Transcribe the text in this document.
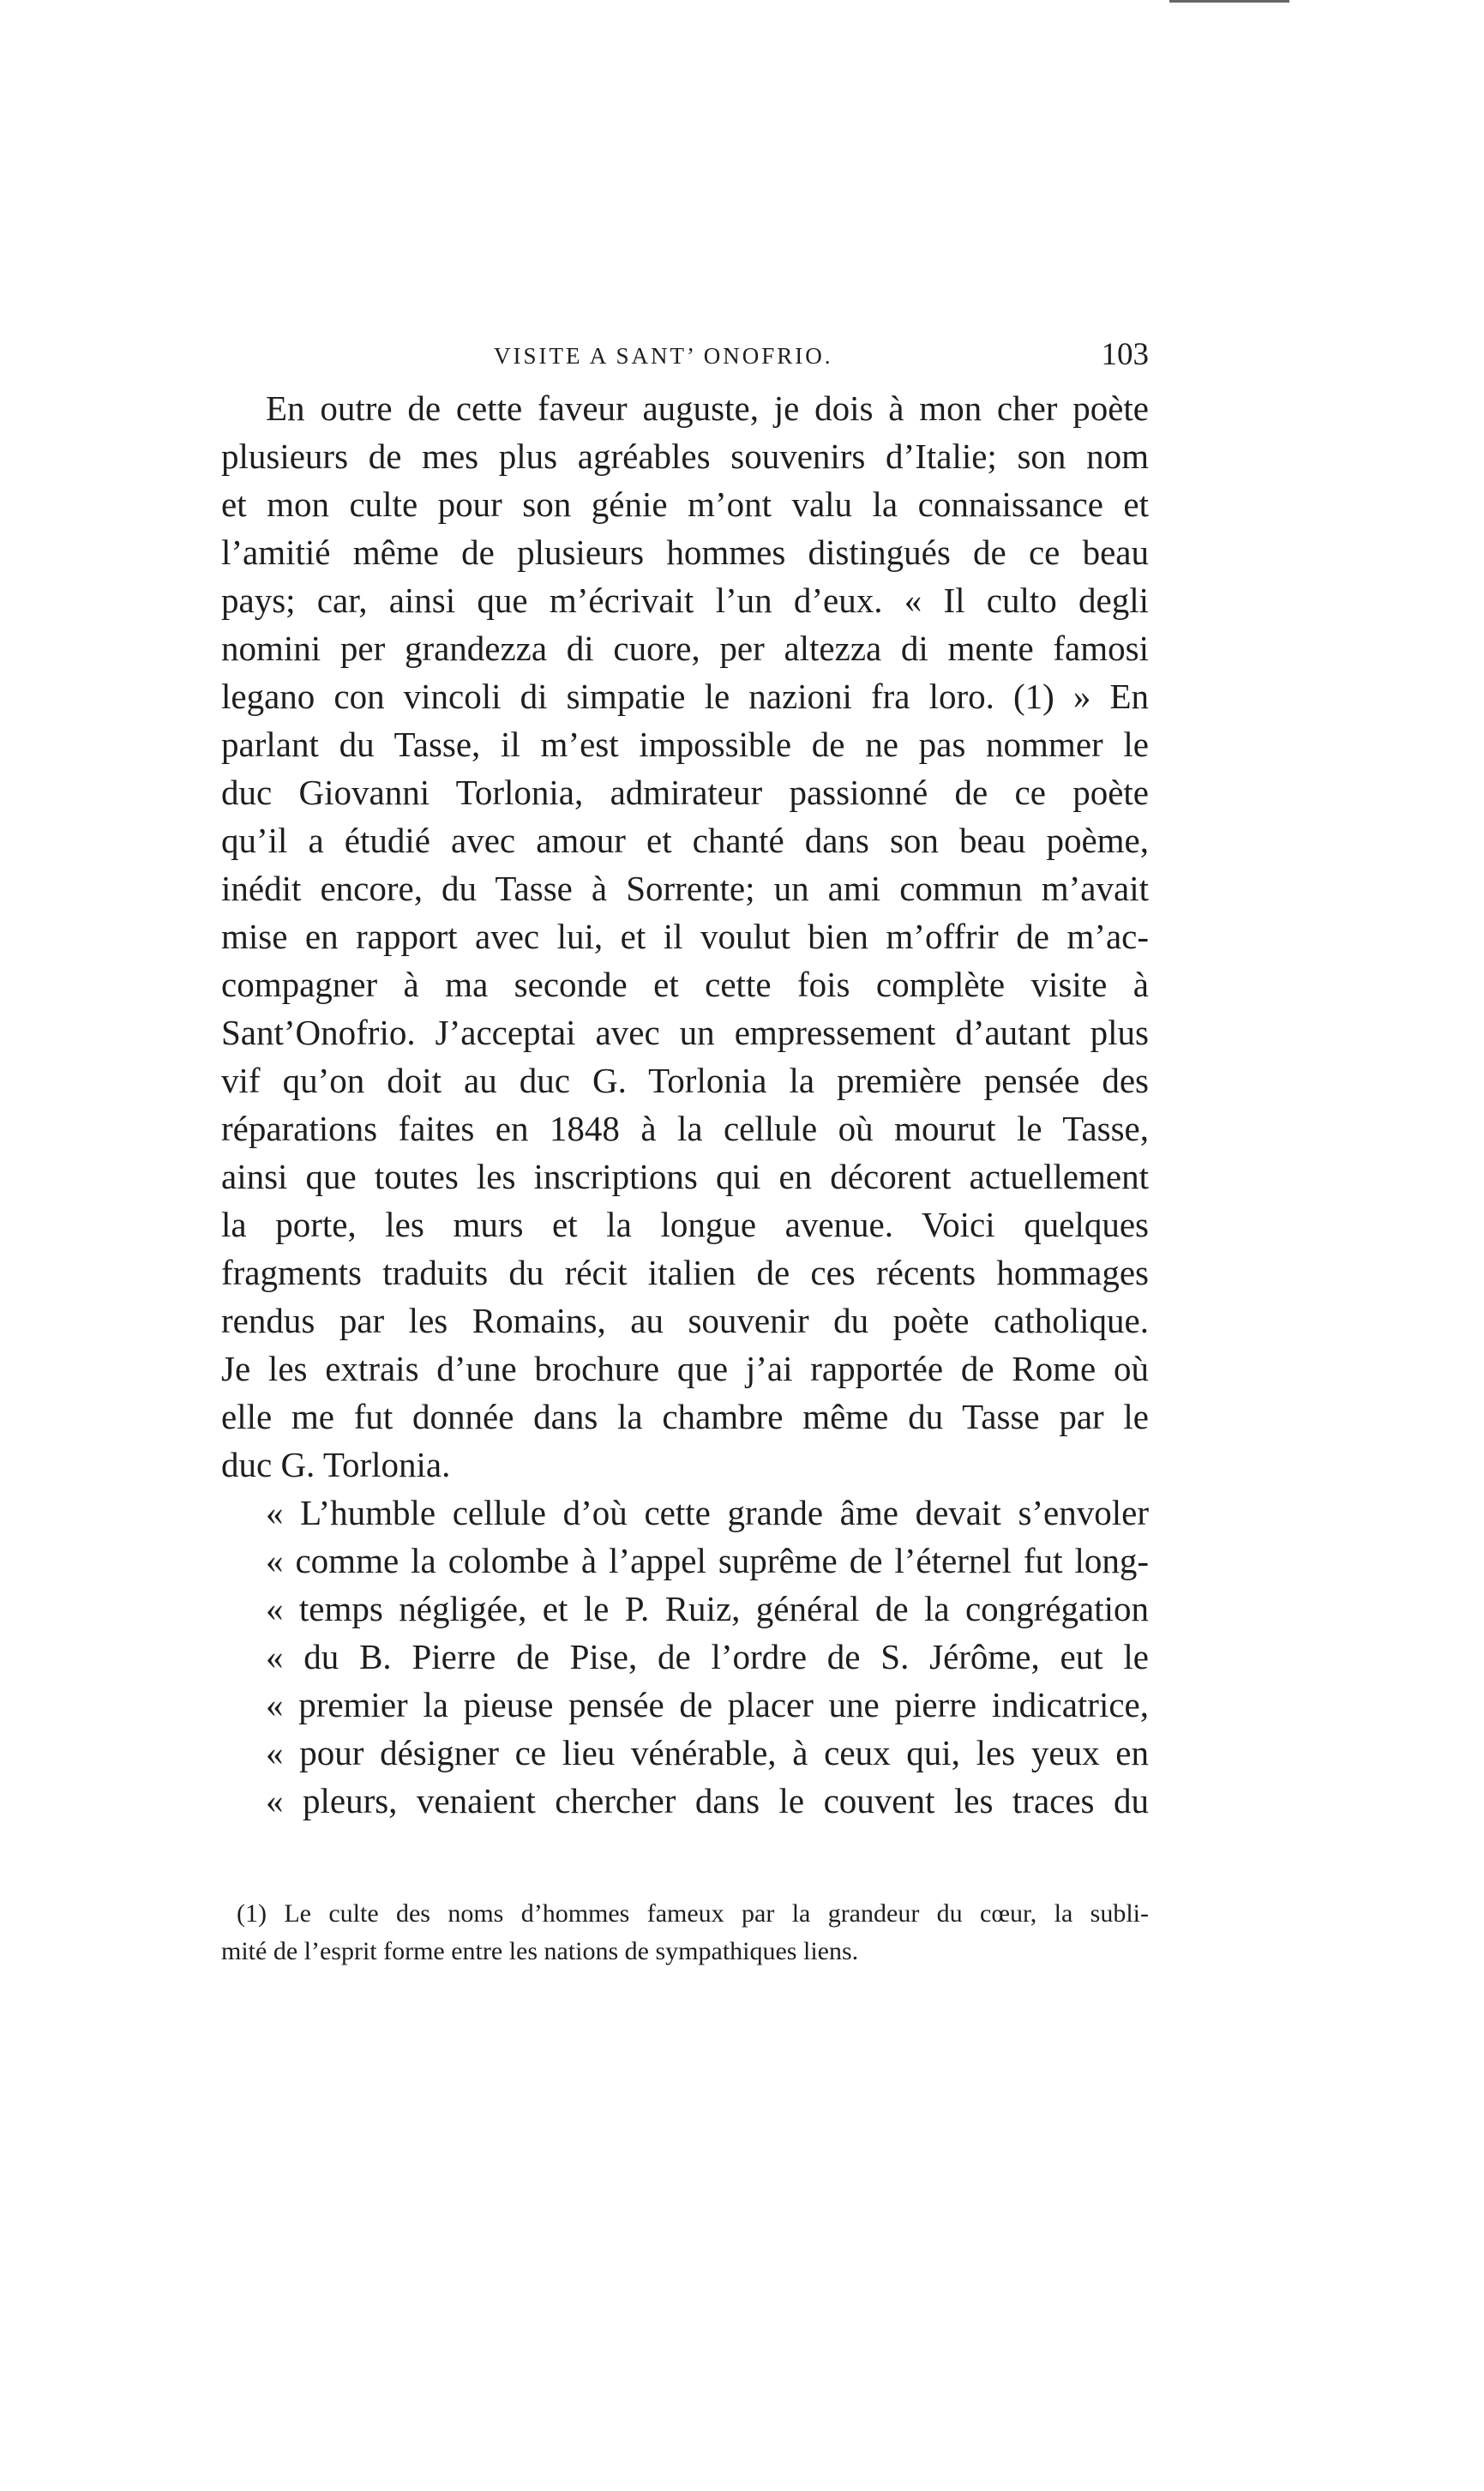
VISITE A SANT’ ONOFRIO.	103
En outre de cette faveur auguste, je dois à mon cher poète
plusieurs de mes plus agréables souvenirs d’Italie; son nom
et mon culte pour son génie m’ont valu la connaissance et
l’amitié même de plusieurs hommes distingués de ce beau
pays; car, ainsi que m’écrivait l’un d’eux. « Il culto degli
nomini per grandezza di cuore, per altezza di mente famosi
legano con vincoli di simpatie le nazioni fra loro. (1) » En
parlant du Tasse, il m’est impossible de ne pas nommer le
duc Giovanni Torlonia, admirateur passionné de ce poète
qu’il a étudié avec amour et chanté dans son beau poème,
inédit encore, du Tasse à Sorrente; un ami commun m’avait
mise en rapport avec lui, et il voulut bien m’offrir de m’ac-
compagner à ma seconde et cette fois complète visite à
Sant’Onofrio. J’acceptai avec un empressement d’autant plus
vif qu’on doit au duc G. Torlonia la première pensée des
réparations faites en 1848 à la cellule où mourut le Tasse,
ainsi que toutes les inscriptions qui en décorent actuellement
la porte, les murs et la longue avenue. Voici quelques
fragments traduits du récit italien de ces récents hommages
rendus par les Romains, au souvenir du poète catholique.
Je les extrais d’une brochure que j’ai rapportée de Rome où
elle me fut donnée dans la chambre même du Tasse par le
duc G. Torlonia.
« L’humble cellule d’où cette grande âme devait s’envoler
« comme la colombe à l’appel suprême de l’éternel fut long-
« temps négligée, et le P. Ruiz, général de la congrégation
« du B. Pierre de Pise, de l’ordre de S. Jérôme, eut le
« premier la pieuse pensée de placer une pierre indicatrice,
« pour désigner ce lieu vénérable, à ceux qui, les yeux en
« pleurs, venaient chercher dans le couvent les traces du
(1) Le culte des noms d’hommes fameux par la grandeur du cœur, la subli-
mité de l’esprit forme entre les nations de sympathiques liens.
